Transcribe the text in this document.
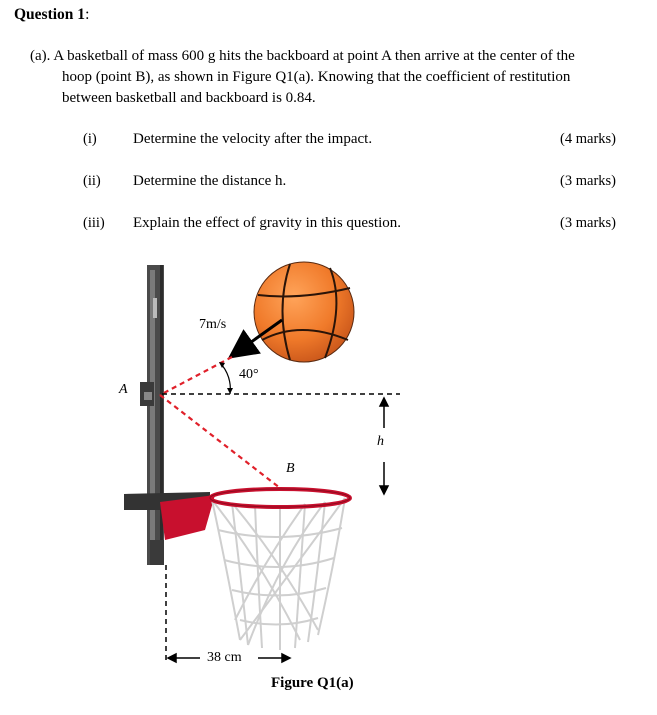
Question 1:
(a). A basketball of mass 600 g hits the backboard at point A then arrive at the center of the
hoop (point B), as shown in Figure Q1(a). Knowing that the coefficient of restitution
between basketball and backboard is 0.84.
(i) Determine the velocity after the impact.	(4 marks)
(ii) Determine the distance h.	(3 marks)
(iii) Explain the effect of gravity in this question.	(3 marks)
7m/s
40°
A
B
h
38 cm
Figure Q1(a)
